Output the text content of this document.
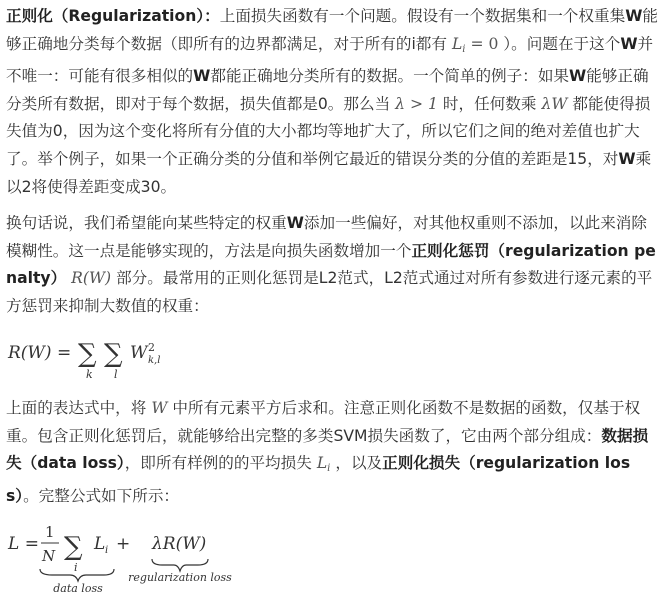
正则化（Regularization）：上面损失函数有一个问题。假设有一个数据集和一个权重集W能够正确地分类每个数据（即所有的边界都满足，对于所有的i都有 $L_i = 0$ ）。问题在于这个W并不唯一：可能有很多相似的W都能正确地分类所有的数据。一个简单的例子：如果W能够正确分类所有数据，即对于每个数据，损失值都是0。那么当 λ > 1 时，任何数乘 λW 都能使得损失值为0，因为这个变化将所有分值的大小都均等地扩大了，所以它们之间的绝对差值也扩大了。举个例子，如果一个正确分类的分值和举例它最近的错误分类的分值的差距是15，对W乘以2将使得差距变成30。

换句话说，我们希望能向某些特定的权重W添加一些偏好，对其他权重则不添加，以此来消除模糊性。这一点是能够实现的，方法是向损失函数增加一个正则化惩罚（regularization penalty） R(W) 部分。最常用的正则化惩罚是L2范式，L2范式通过对所有参数进行逐元素的平方惩罚来抑制大数值的权重：

R(W) = ∑
k
∑
l
W 2
k,l

上面的表达式中，将 W 中所有元素平方后求和。注意正则化函数不是数据的函数，仅基于权重。包含正则化惩罚后，就能够给出完整的多类SVM损失函数了，它由两个部分组成：数据损失（data loss），即所有样例的的平均损失 $L_i$ ，以及正则化损失（regularization loss）。完整公式如下所示：

L =
1
N ∑
i
L i + λR(W)
data loss
regularization loss
